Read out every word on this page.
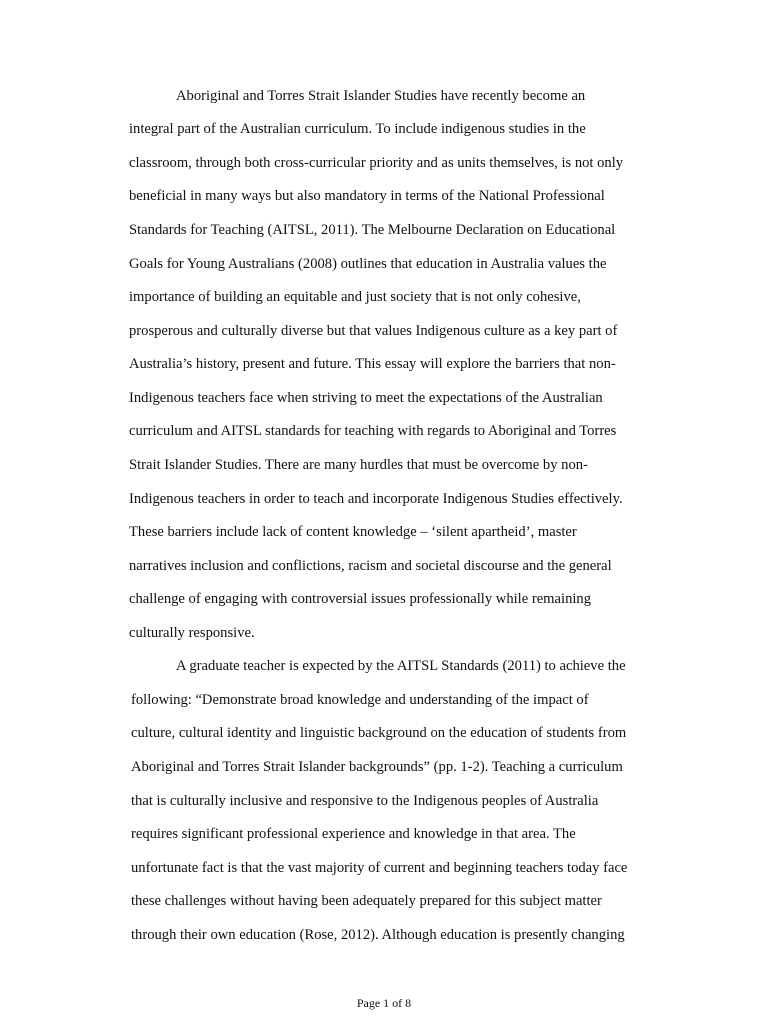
Aboriginal and Torres Strait Islander Studies have recently become an
integral part of the Australian curriculum. To include indigenous studies in the
classroom, through both cross-curricular priority and as units themselves, is not only
beneficial in many ways but also mandatory in terms of the National Professional
Standards for Teaching (AITSL, 2011). The Melbourne Declaration on Educational
Goals for Young Australians (2008) outlines that education in Australia values the
importance of building an equitable and just society that is not only cohesive,
prosperous and culturally diverse but that values Indigenous culture as a key part of
Australia’s history, present and future. This essay will explore the barriers that non-
Indigenous teachers face when striving to meet the expectations of the Australian
curriculum and AITSL standards for teaching with regards to Aboriginal and Torres
Strait Islander Studies. There are many hurdles that must be overcome by non-
Indigenous teachers in order to teach and incorporate Indigenous Studies effectively.
These barriers include lack of content knowledge – ‘silent apartheid’, master
narratives inclusion and conflictions, racism and societal discourse and the general
challenge of engaging with controversial issues professionally while remaining
culturally responsive.
A graduate teacher is expected by the AITSL Standards (2011) to achieve the
following: “Demonstrate broad knowledge and understanding of the impact of
culture, cultural identity and linguistic background on the education of students from
Aboriginal and Torres Strait Islander backgrounds” (pp. 1-2). Teaching a curriculum
that is culturally inclusive and responsive to the Indigenous peoples of Australia
requires significant professional experience and knowledge in that area. The
unfortunate fact is that the vast majority of current and beginning teachers today face
these challenges without having been adequately prepared for this subject matter
through their own education (Rose, 2012). Although education is presently changing
Page 1 of 8
